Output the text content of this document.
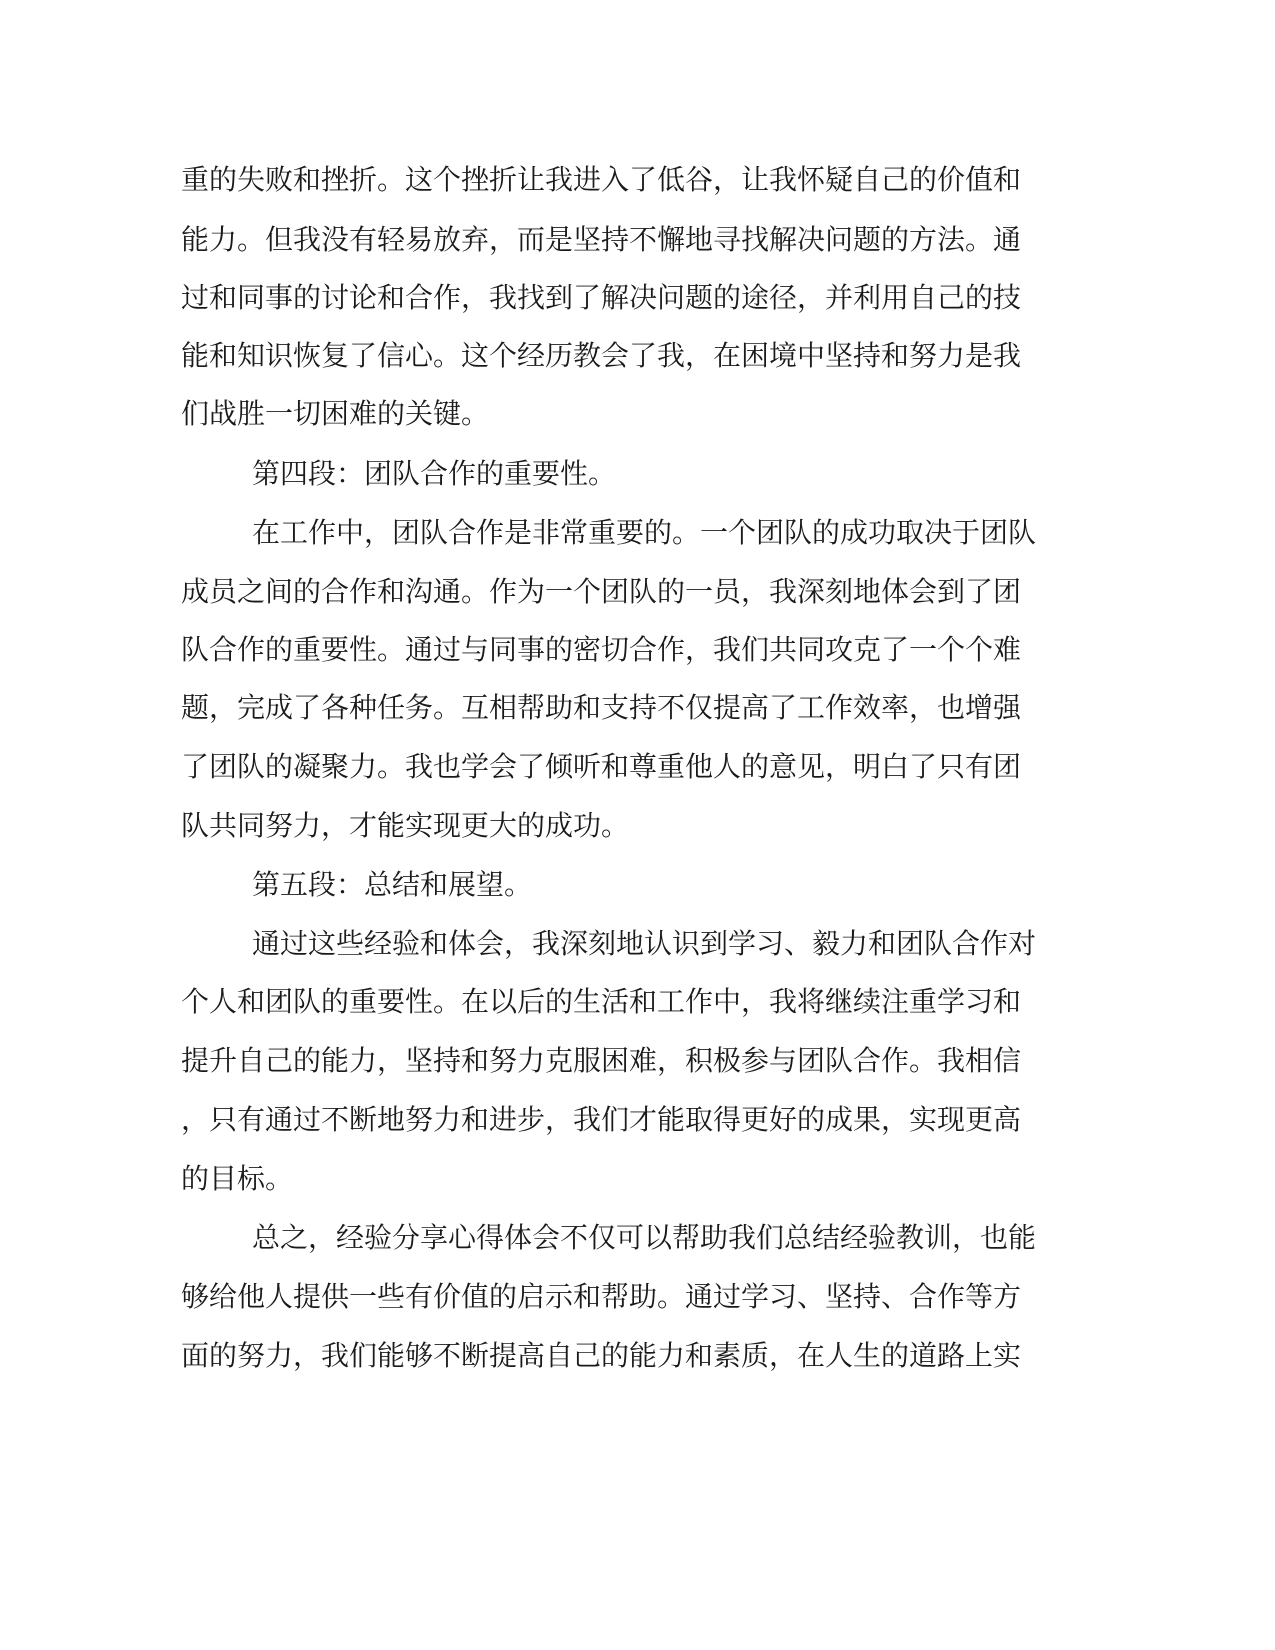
重的失败和挫折。这个挫折让我进入了低谷，让我怀疑自己的价值和
能力。但我没有轻易放弃，而是坚持不懈地寻找解决问题的方法。通
过和同事的讨论和合作，我找到了解决问题的途径，并利用自己的技
能和知识恢复了信心。这个经历教会了我，在困境中坚持和努力是我
们战胜一切困难的关键。
第四段：团队合作的重要性。
在工作中，团队合作是非常重要的。一个团队的成功取决于团队
成员之间的合作和沟通。作为一个团队的一员，我深刻地体会到了团
队合作的重要性。通过与同事的密切合作，我们共同攻克了一个个难
题，完成了各种任务。互相帮助和支持不仅提高了工作效率，也增强
了团队的凝聚力。我也学会了倾听和尊重他人的意见，明白了只有团
队共同努力，才能实现更大的成功。
第五段：总结和展望。
通过这些经验和体会，我深刻地认识到学习、毅力和团队合作对
个人和团队的重要性。在以后的生活和工作中，我将继续注重学习和
提升自己的能力，坚持和努力克服困难，积极参与团队合作。我相信
，只有通过不断地努力和进步，我们才能取得更好的成果，实现更高
的目标。
总之，经验分享心得体会不仅可以帮助我们总结经验教训，也能
够给他人提供一些有价值的启示和帮助。通过学习、坚持、合作等方
面的努力，我们能够不断提高自己的能力和素质，在人生的道路上实
